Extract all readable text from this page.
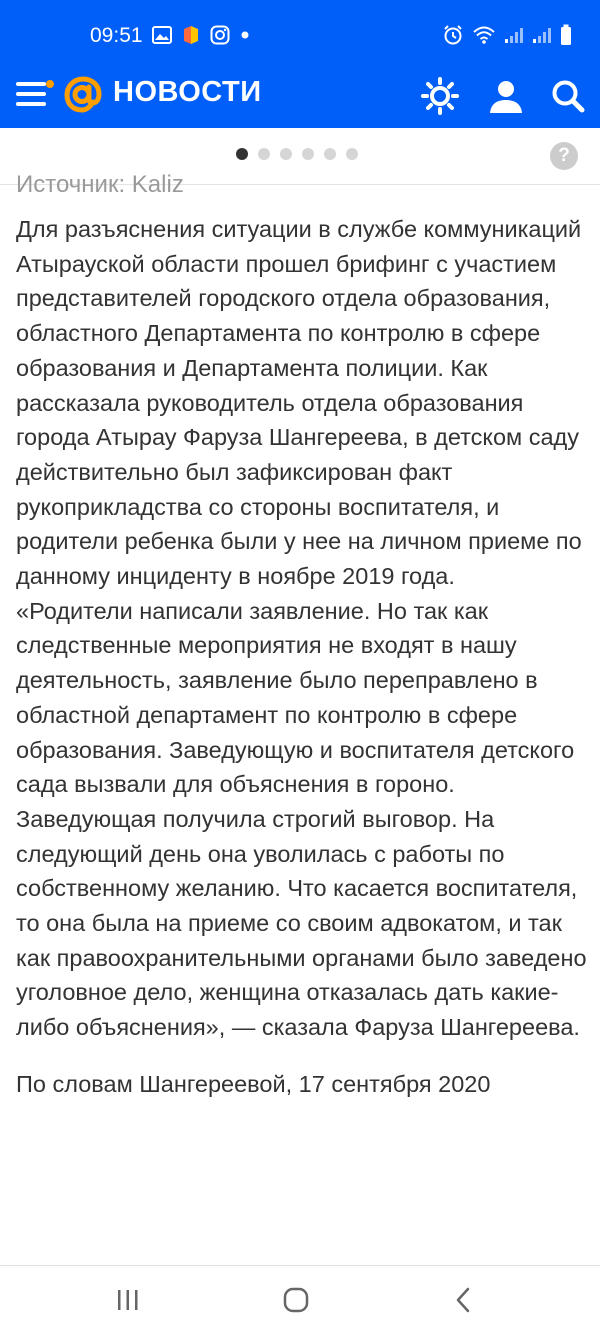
09:51
НОВОСТИ
?
Источник: Kaliz

Для разъяснения ситуации в службе коммуникаций Атырауской области прошел брифинг с участием представителей городского отдела образования, областного Департамента по контролю в сфере образования и Департамента полиции. Как рассказала руководитель отдела образования города Атырау Фаруза Шангереева, в детском саду действительно был зафиксирован факт рукоприкладства со стороны воспитателя, и родители ребенка были у нее на личном приеме по данному инциденту в ноябре 2019 года.

«Родители написали заявление. Но так как следственные мероприятия не входят в нашу деятельность, заявление было переправлено в областной департамент по контролю в сфере образования. Заведующую и воспитателя детского сада вызвали для объяснения в гороно. Заведующая получила строгий выговор. На следующий день она уволилась с работы по собственному желанию. Что касается воспитателя, то она была на приеме со своим адвокатом, и так как правоохранительными органами было заведено уголовное дело, женщина отказалась дать какие-либо объяснения», — сказала Фаруза Шангереева.

По словам Шангереевой, 17 сентября 2020
